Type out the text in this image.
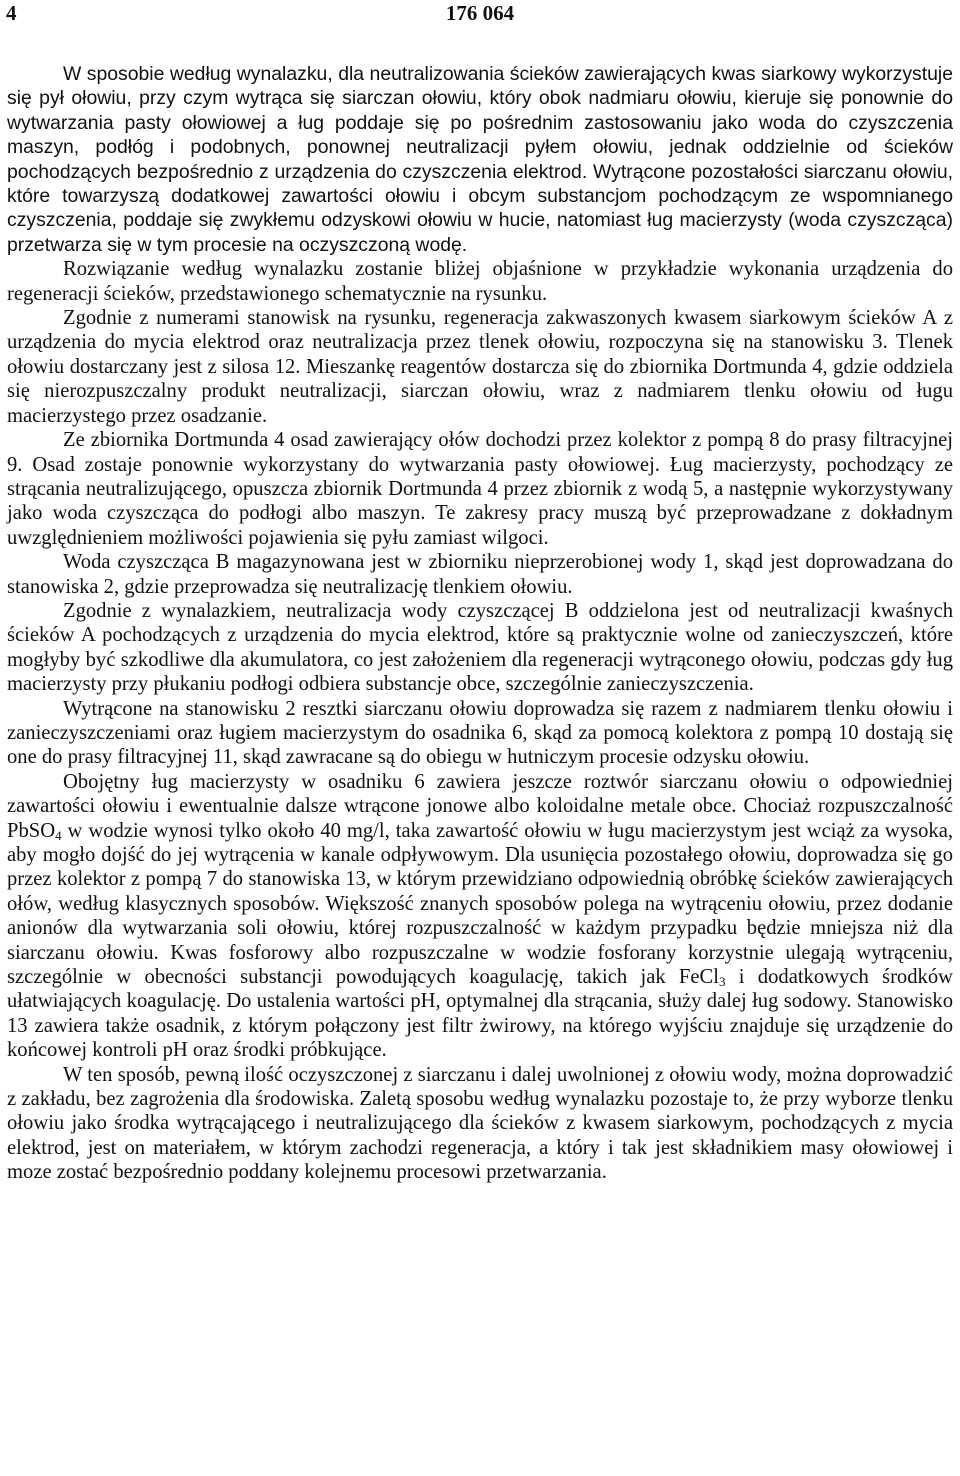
4	176 064

W sposobie według wynalazku, dla neutralizowania ścieków zawierających kwas siarkowy wykorzystuje się pył ołowiu, przy czym wytrąca się siarczan ołowiu, który obok nadmiaru ołowiu, kieruje się ponownie do wytwarzania pasty ołowiowej a ług poddaje się po pośrednim zastosowaniu jako woda do czyszczenia maszyn, podłóg i podobnych, ponownej neutralizacji pyłem ołowiu, jednak oddzielnie od ścieków pochodzących bezpośrednio z urządzenia do czyszczenia elektrod. Wytrącone pozostałości siarczanu ołowiu, które towarzyszą dodatkowej zawartości ołowiu i obcym substancjom pochodzącym ze wspomnianego czyszczenia, poddaje się zwykłemu odzyskowi ołowiu w hucie, natomiast ług macierzysty (woda czyszcząca) przetwarza się w tym procesie na oczyszczoną wodę.

Rozwiązanie według wynalazku zostanie bliżej objaśnione w przykładzie wykonania urządzenia do regeneracji ścieków, przedstawionego schematycznie na rysunku.

Zgodnie z numerami stanowisk na rysunku, regeneracja zakwaszonych kwasem siarkowym ścieków A z urządzenia do mycia elektrod oraz neutralizacja przez tlenek ołowiu, rozpoczyna się na stanowisku 3. Tlenek ołowiu dostarczany jest z silosa 12. Mieszankę reagentów dostarcza się do zbiornika Dortmunda 4, gdzie oddziela się nierozpuszczalny produkt neutralizacji, siarczan ołowiu, wraz z nadmiarem tlenku ołowiu od ługu macierzystego przez osadzanie.

Ze zbiornika Dortmunda 4 osad zawierający ołów dochodzi przez kolektor z pompą 8 do prasy filtracyjnej 9. Osad zostaje ponownie wykorzystany do wytwarzania pasty ołowiowej. Ług macierzysty, pochodzący ze strącania neutralizującego, opuszcza zbiornik Dortmunda 4 przez zbiornik z wodą 5, a następnie wykorzystywany jako woda czyszcząca do podłogi albo maszyn. Te zakresy pracy muszą być przeprowadzane z dokładnym uwzględnieniem możliwości pojawienia się pyłu zamiast wilgoci.

Woda czyszcząca B magazynowana jest w zbiorniku nieprzerobionej wody 1, skąd jest doprowadzana do stanowiska 2, gdzie przeprowadza się neutralizację tlenkiem ołowiu.

Zgodnie z wynalazkiem, neutralizacja wody czyszczącej B oddzielona jest od neutralizacji kwaśnych ścieków A pochodzących z urządzenia do mycia elektrod, które są praktycznie wolne od zanieczyszczeń, które mogłyby być szkodliwe dla akumulatora, co jest założeniem dla regeneracji wytrąconego ołowiu, podczas gdy ług macierzysty przy płukaniu podłogi odbiera substancje obce, szczególnie zanieczyszczenia.

Wytrącone na stanowisku 2 resztki siarczanu ołowiu doprowadza się razem z nadmiarem tlenku ołowiu i zanieczyszczeniami oraz ługiem macierzystym do osadnika 6, skąd za pomocą kolektora z pompą 10 dostają się one do prasy filtracyjnej 11, skąd zawracane są do obiegu w hutniczym procesie odzysku ołowiu.

Obojętny ług macierzysty w osadniku 6 zawiera jeszcze roztwór siarczanu ołowiu o odpowiedniej zawartości ołowiu i ewentualnie dalsze wtrącone jonowe albo koloidalne metale obce. Chociaż rozpuszczalność PbSO$_4$ w wodzie wynosi tylko około 40 mg/l, taka zawartość ołowiu w ługu macierzystym jest wciąż za wysoka, aby mogło dojść do jej wytrącenia w kanale odpływowym. Dla usunięcia pozostałego ołowiu, doprowadza się go przez kolektor z pompą 7 do stanowiska 13, w którym przewidziano odpowiednią obróbkę ścieków zawierających ołów, według klasycznych sposobów. Większość znanych sposobów polega na wytrąceniu ołowiu, przez dodanie anionów dla wytwarzania soli ołowiu, której rozpuszczalność w każdym przypadku będzie mniejsza niż dla siarczanu ołowiu. Kwas fosforowy albo rozpuszczalne w wodzie fosforany korzystnie ulegają wytrąceniu, szczególnie w obecności substancji powodujących koagulację, takich jak FeCl$_3$ i dodatkowych środków ułatwiających koagulację. Do ustalenia wartości pH, optymalnej dla strącania, służy dalej ług sodowy. Stanowisko 13 zawiera także osadnik, z którym połączony jest filtr żwirowy, na którego wyjściu znajduje się urządzenie do końcowej kontroli pH oraz środki próbkujące.

W ten sposób, pewną ilość oczyszczonej z siarczanu i dalej uwolnionej z ołowiu wody, można doprowadzić z zakładu, bez zagrożenia dla środowiska. Zaletą sposobu według wynalazku pozostaje to, że przy wyborze tlenku ołowiu jako środka wytrącającego i neutralizującego dla ścieków z kwasem siarkowym, pochodzących z mycia elektrod, jest on materiałem, w którym zachodzi regeneracja, a który i tak jest składnikiem masy ołowiowej i moze zostać bezpośrednio poddany kolejnemu procesowi przetwarzania.
